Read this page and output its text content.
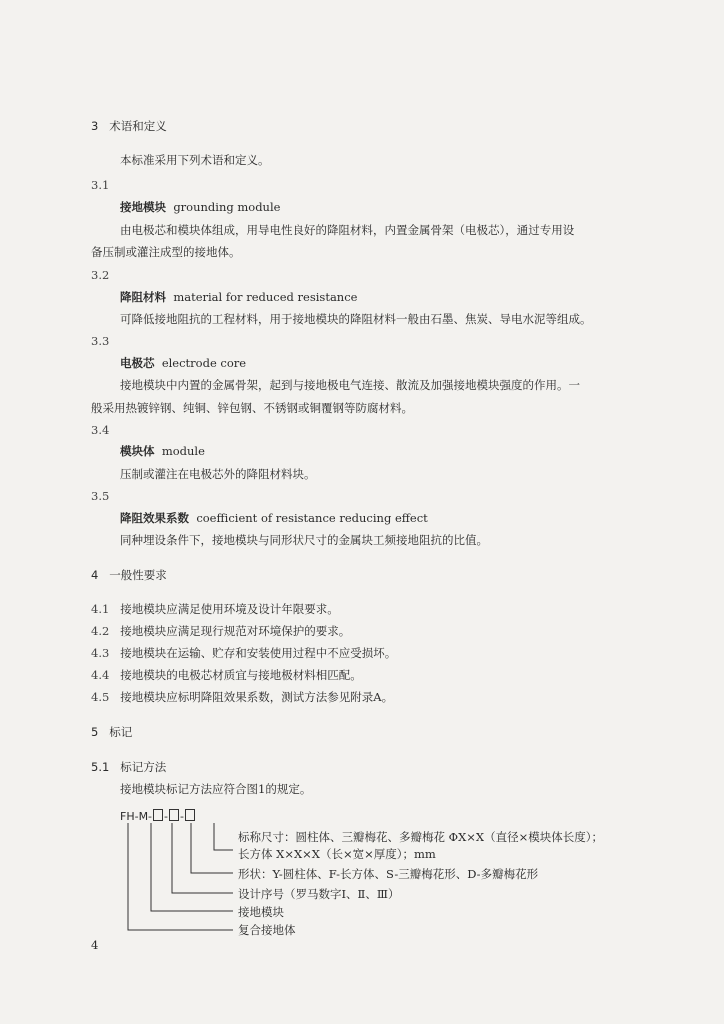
3 术语和定义
本标准采用下列术语和定义。
3.1
接地模块 grounding module
由电极芯和模块体组成，用导电性良好的降阻材料，内置金属骨架（电极芯），通过专用设
备压制或灌注成型的接地体。
3.2
降阻材料 material for reduced resistance
可降低接地阻抗的工程材料，用于接地模块的降阻材料一般由石墨、焦炭、导电水泥等组成。
3.3
电极芯 electrode core
接地模块中内置的金属骨架，起到与接地极电气连接、散流及加强接地模块强度的作用。一
般采用热镀锌钢、纯铜、锌包钢、不锈钢或铜覆钢等防腐材料。
3.4
模块体 module
压制或灌注在电极芯外的降阻材料块。
3.5
降阻效果系数 coefficient of resistance reducing effect
同种埋设条件下，接地模块与同形状尺寸的金属块工频接地阻抗的比值。
4 一般性要求
4.1 接地模块应满足使用环境及设计年限要求。
4.2 接地模块应满足现行规范对环境保护的要求。
4.3 接地模块在运输、贮存和安装使用过程中不应受损坏。
4.4 接地模块的电极芯材质宜与接地极材料相匹配。
4.5 接地模块应标明降阻效果系数，测试方法参见附录A。
5 标记
5.1 标记方法
接地模块标记方法应符合图1的规定。
FH-M- - -
标称尺寸：圆柱体、三瓣梅花、多瓣梅花 ΦX×X（直径×模块体长度）；
长方体 X×X×X（长×宽×厚度）；mm
形状：Y-圆柱体、F-长方体、S-三瓣梅花形、D-多瓣梅花形
设计序号（罗马数字Ⅰ、Ⅱ、Ⅲ）
接地模块
复合接地体
4
